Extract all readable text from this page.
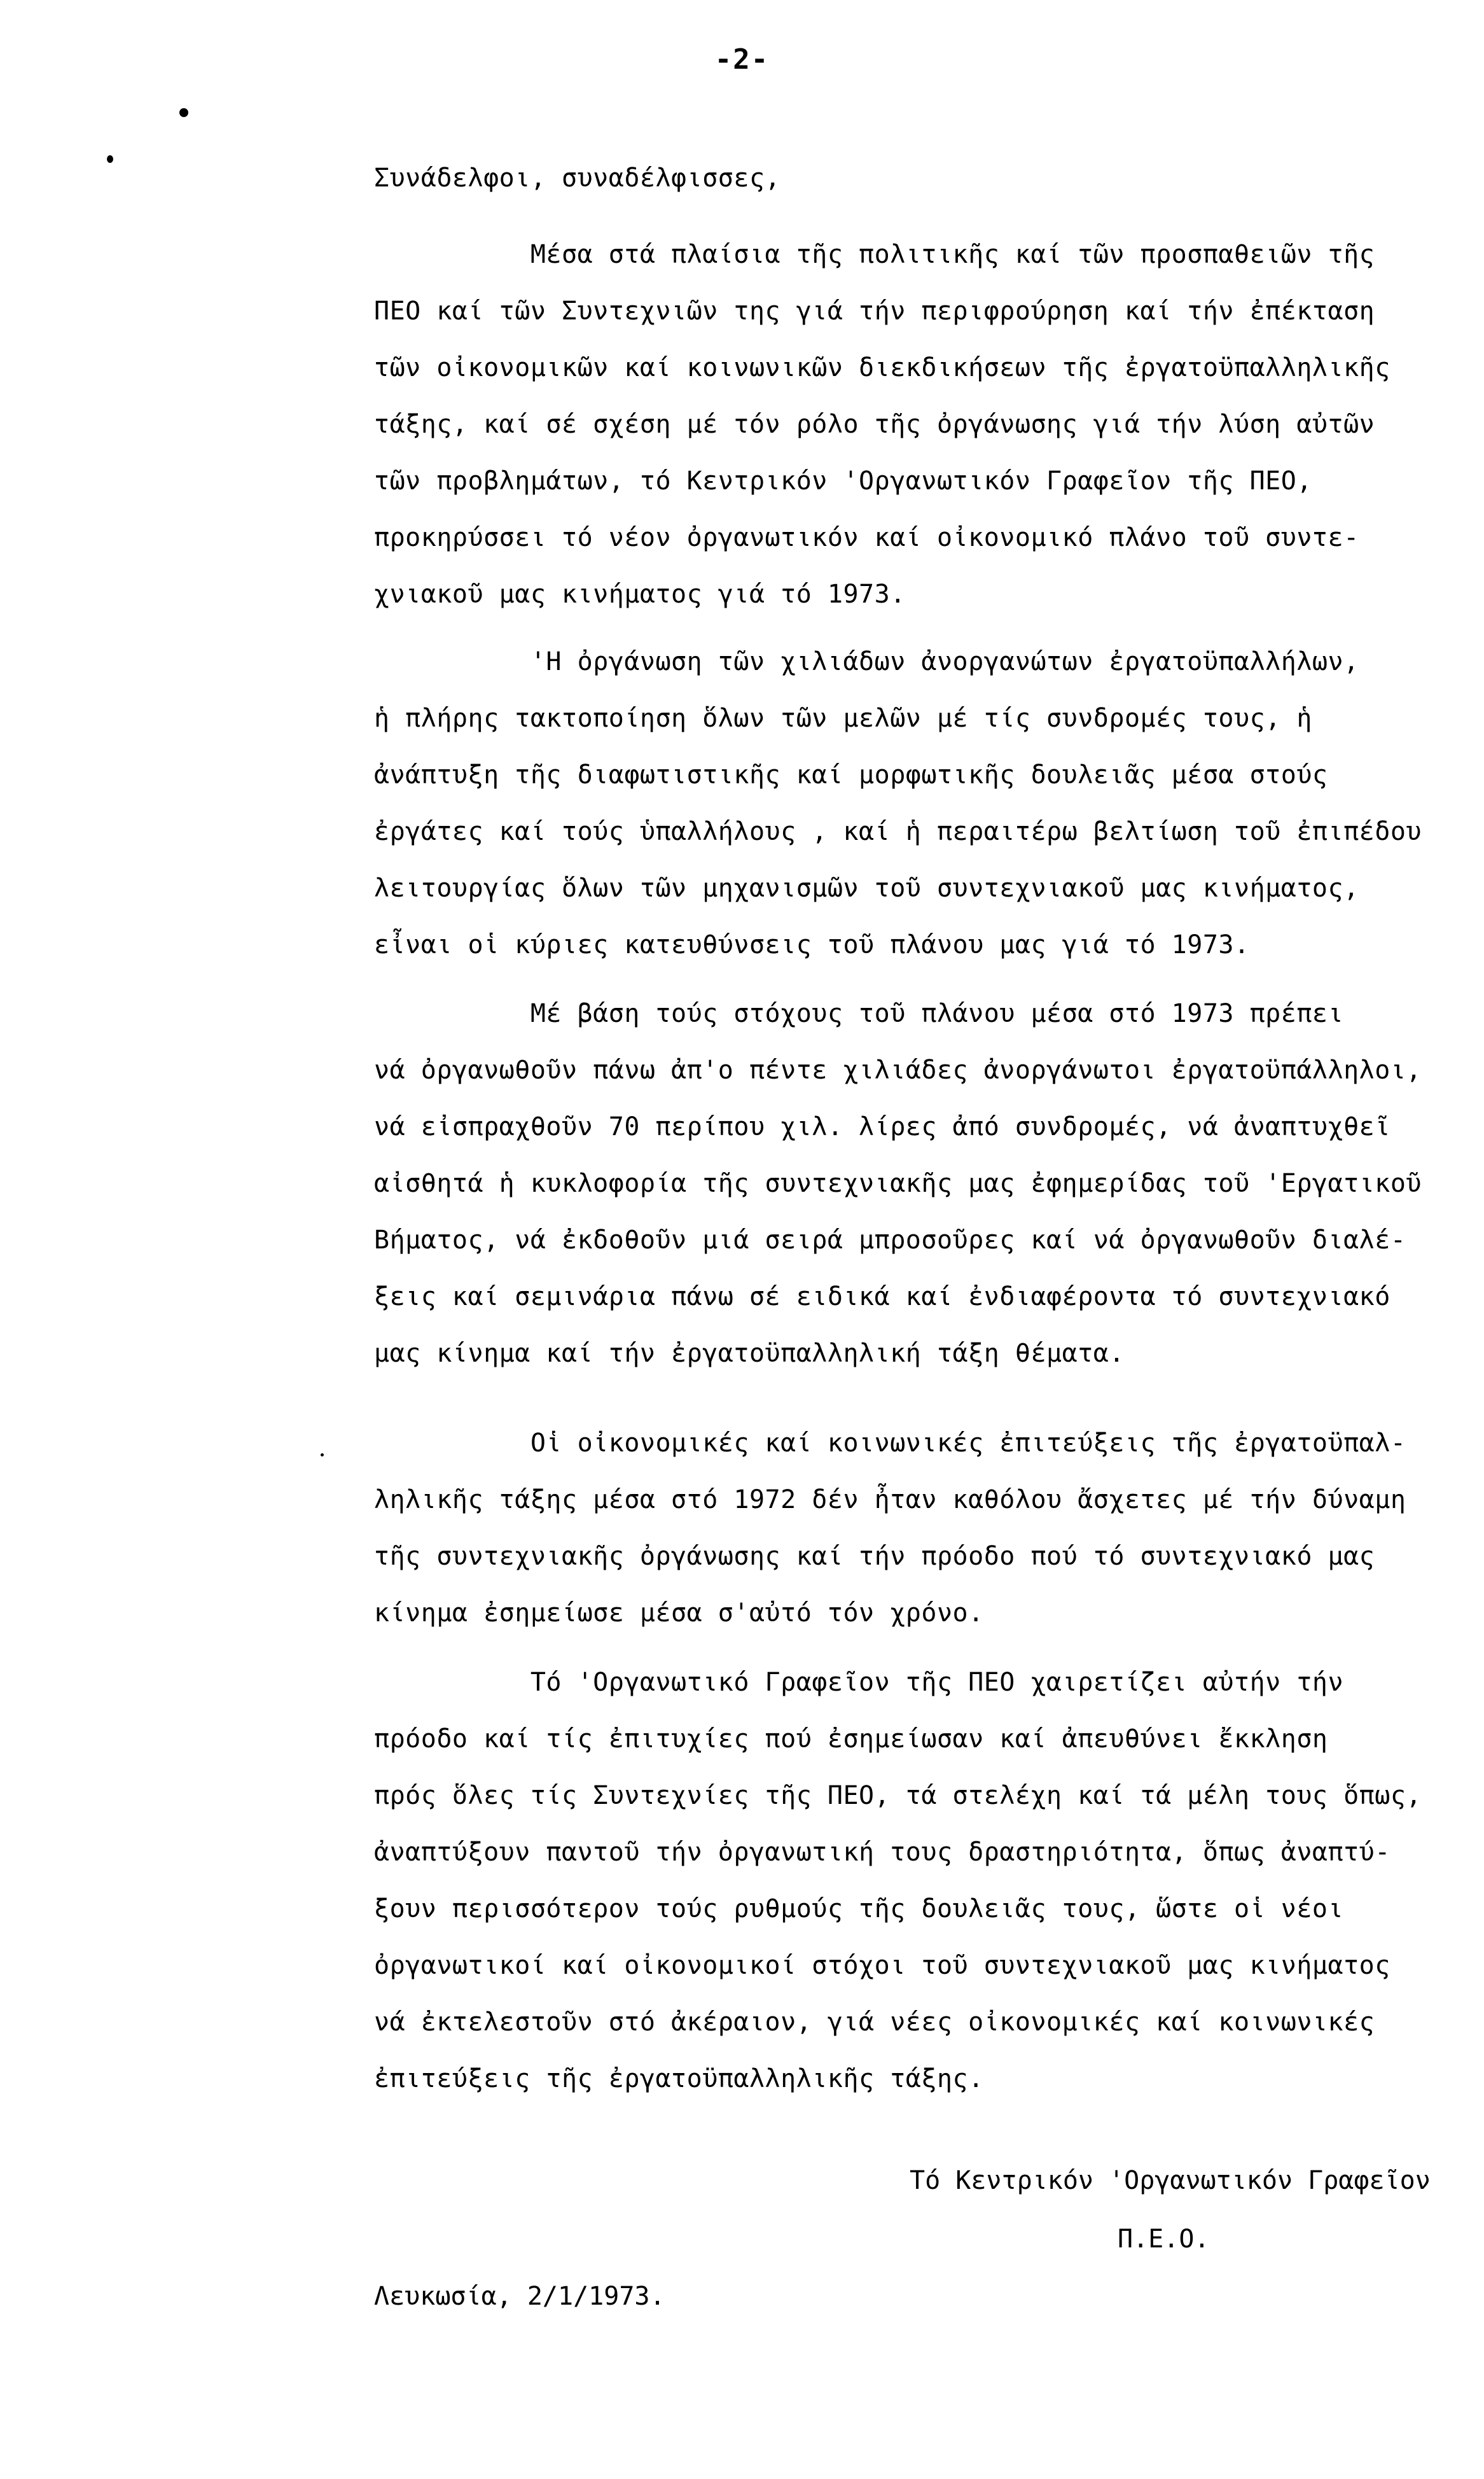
-2-
Συνάδελφοι, συναδέλφισσες,
Μέσα στά πλαίσια τῆς πολιτικῆς καί τῶν προσπαθειῶν τῆς
ΠΕΟ καί τῶν Συντεχνιῶν της γιά τήν περιφρούρηση καί τήν ἐπέκταση
τῶν οἰκονομικῶν καί κοινωνικῶν διεκδικήσεων τῆς ἐργατοϋπαλληλικῆς
τάξης, καί σέ σχέση μέ τόν ρόλο τῆς ὀργάνωσης γιά τήν λύση αὐτῶν
τῶν προβλημάτων, τό Κεντρικόν 'Οργανωτικόν Γραφεῖον τῆς ΠΕΟ,
προκηρύσσει τό νέον ὀργανωτικόν καί οἰκονομικό πλάνο τοῦ συντε-
χνιακοῦ μας κινήματος γιά τό 1973.
'Η ὀργάνωση τῶν χιλιάδων ἀνοργανώτων ἐργατοϋπαλλήλων,
ἡ πλήρης τακτοποίηση ὅλων τῶν μελῶν μέ τίς συνδρομές τους, ἡ
ἀνάπτυξη τῆς διαφωτιστικῆς καί μορφωτικῆς δουλειᾶς μέσα στούς
ἐργάτες καί τούς ὑπαλλήλους , καί ἡ περαιτέρω βελτίωση τοῦ ἐπιπέδου
λειτουργίας ὅλων τῶν μηχανισμῶν τοῦ συντεχνιακοῦ μας κινήματος,
εἶναι οἱ κύριες κατευθύνσεις τοῦ πλάνου μας γιά τό 1973.
Μέ βάση τούς στόχους τοῦ πλάνου μέσα στό 1973 πρέπει
νά ὀργανωθοῦν πάνω ἀπ'ο πέντε χιλιάδες ἀνοργάνωτοι ἐργατοϋπάλληλοι,
νά εἰσπραχθοῦν 70 περίπου χιλ. λίρες ἀπό συνδρομές, νά ἀναπτυχθεῖ
αἰσθητά ἡ κυκλοφορία τῆς συντεχνιακῆς μας ἐφημερίδας τοῦ 'Εργατικοῦ
Βήματος, νά ἐκδοθοῦν μιά σειρά μπροσοῦρες καί νά ὀργανωθοῦν διαλέ-
ξεις καί σεμινάρια πάνω σέ ειδικά καί ἐνδιαφέροντα τό συντεχνιακό
μας κίνημα καί τήν ἐργατοϋπαλληλική τάξη θέματα.
Οἱ οἰκονομικές καί κοινωνικές ἐπιτεύξεις τῆς ἐργατοϋπαλ-
ληλικῆς τάξης μέσα στό 1972 δέν ἦταν καθόλου ἄσχετες μέ τήν δύναμη
τῆς συντεχνιακῆς ὀργάνωσης καί τήν πρόοδο πού τό συντεχνιακό μας
κίνημα ἐσημείωσε μέσα σ'αὐτό τόν χρόνο.
Τό 'Οργανωτικό Γραφεῖον τῆς ΠΕΟ χαιρετίζει αὐτήν τήν
πρόοδο καί τίς ἐπιτυχίες πού ἐσημείωσαν καί ἀπευθύνει ἔκκληση
πρός ὅλες τίς Συντεχνίες τῆς ΠΕΟ, τά στελέχη καί τά μέλη τους ὅπως,
ἀναπτύξουν παντοῦ τήν ὀργανωτική τους δραστηριότητα, ὅπως ἀναπτύ-
ξουν περισσότερον τούς ρυθμούς τῆς δουλειᾶς τους, ὥστε οἱ νέοι
ὀργανωτικοί καί οἰκονομικοί στόχοι τοῦ συντεχνιακοῦ μας κινήματος
νά ἐκτελεστοῦν στό ἀκέραιον, γιά νέες οἰκονομικές καί κοινωνικές
ἐπιτεύξεις τῆς ἐργατοϋπαλληλικῆς τάξης.
Τό Κεντρικόν 'Οργανωτικόν Γραφεῖον
Π.Ε.Ο.
Λευκωσία, 2/1/1973.
